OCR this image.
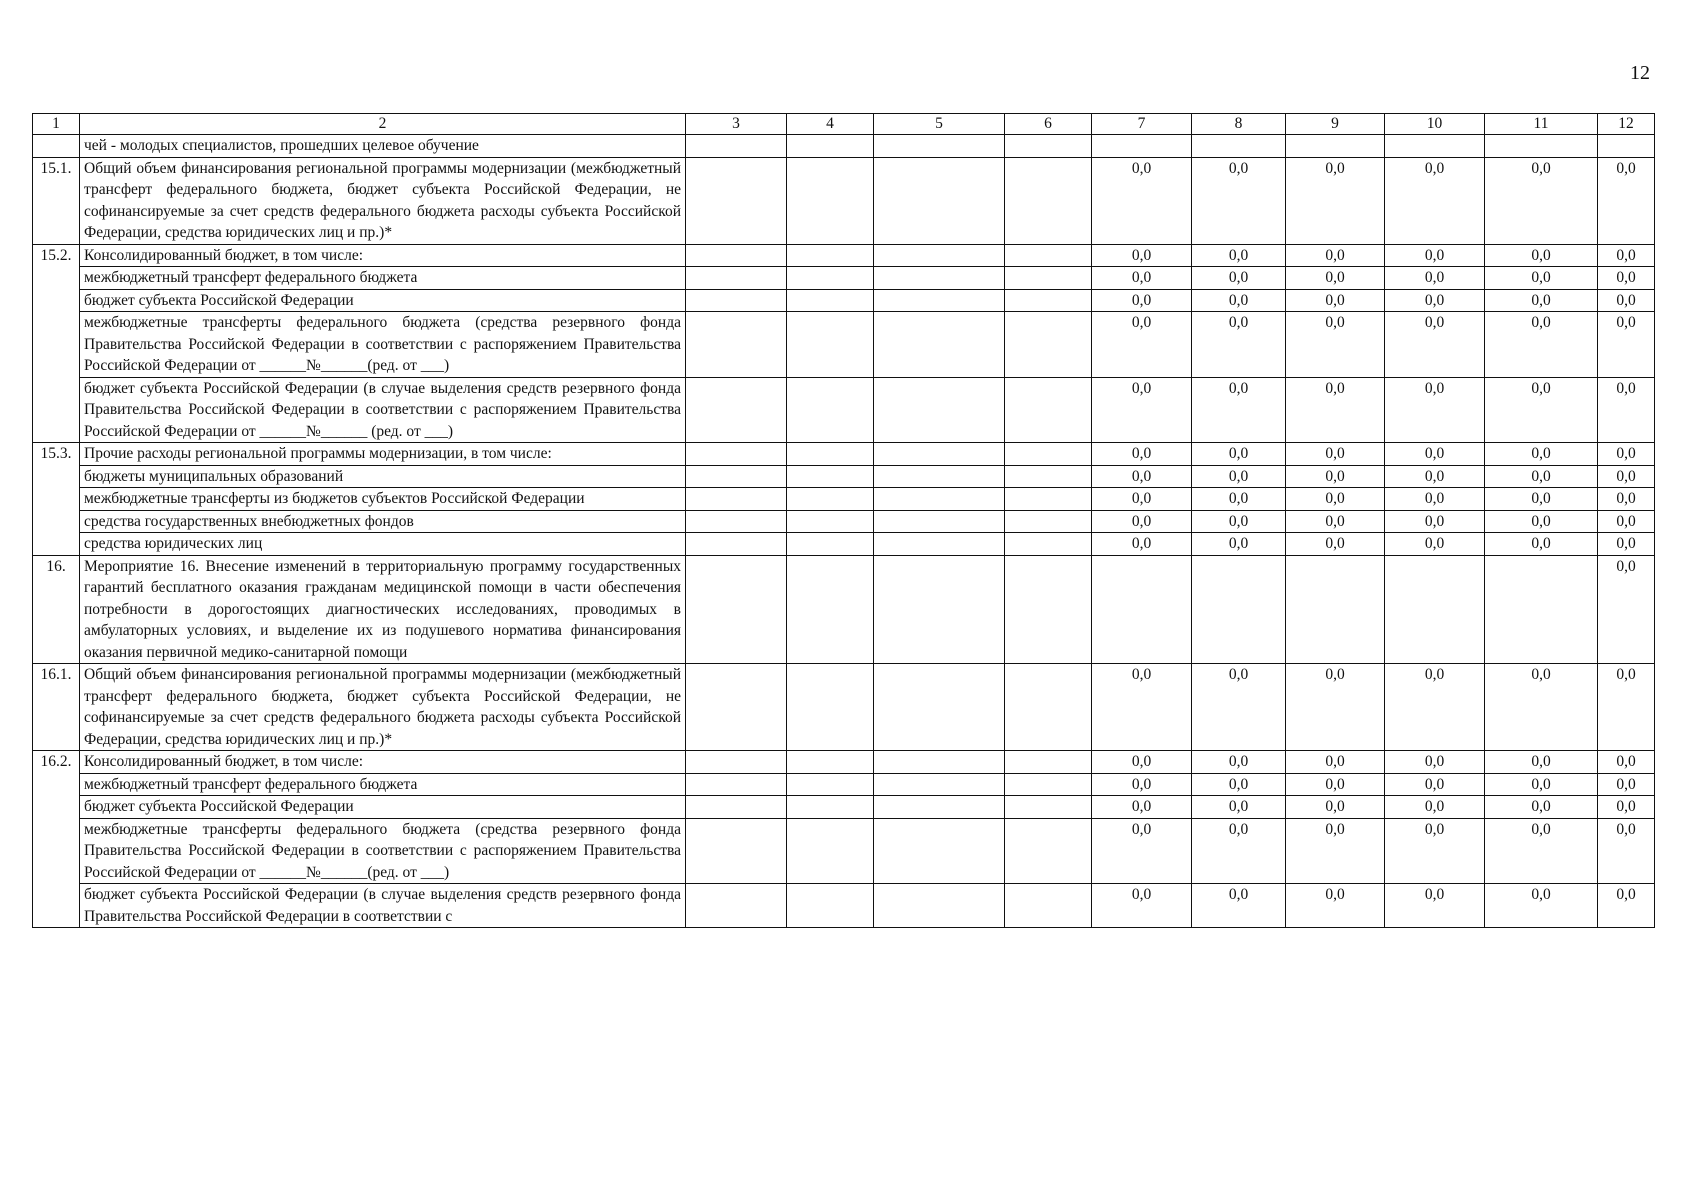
12
1	2	3	4	5	6	7	8	9	10	11	12
	чей - молодых специалистов, прошедших целевое обучение										
15.1.	Общий объем финансирования региональной программы модернизации (межбюджетный трансферт федерального бюджета, бюджет субъекта Российской Федерации, не софинансируемые за счет средств федерального бюджета расходы субъекта Российской Федерации, средства юридических лиц и пр.)*					0,0	0,0	0,0	0,0	0,0	0,0
15.2.	Консолидированный бюджет, в том числе:					0,0	0,0	0,0	0,0	0,0	0,0
	межбюджетный трансферт федерального бюджета					0,0	0,0	0,0	0,0	0,0	0,0
	бюджет субъекта Российской Федерации					0,0	0,0	0,0	0,0	0,0	0,0
	межбюджетные трансферты федерального бюджета (средства резервного фонда Правительства Российской Федерации в соответствии с распоряжением Правительства Российской Федерации от ______№______(ред. от ___)					0,0	0,0	0,0	0,0	0,0	0,0
	бюджет субъекта Российской Федерации (в случае выделения средств резервного фонда Правительства Российской Федерации в соответствии с распоряжением Правительства Российской Федерации от ______№______ (ред. от ___)					0,0	0,0	0,0	0,0	0,0	0,0
15.3.	Прочие расходы региональной программы модернизации, в том числе:					0,0	0,0	0,0	0,0	0,0	0,0
	бюджеты муниципальных образований					0,0	0,0	0,0	0,0	0,0	0,0
	межбюджетные трансферты из бюджетов субъектов Российской Федерации					0,0	0,0	0,0	0,0	0,0	0,0
	средства государственных внебюджетных фондов					0,0	0,0	0,0	0,0	0,0	0,0
	средства юридических лиц					0,0	0,0	0,0	0,0	0,0	0,0
16.	Мероприятие 16. Внесение изменений в территориальную программу государственных гарантий бесплатного оказания гражданам медицинской помощи в части обеспечения потребности в дорогостоящих диагностических исследованиях, проводимых в амбулаторных условиях, и выделение их из подушевого норматива финансирования оказания первичной медико-санитарной помощи										0,0
16.1.	Общий объем финансирования региональной программы модернизации (межбюджетный трансферт федерального бюджета, бюджет субъекта Российской Федерации, не софинансируемые за счет средств федерального бюджета расходы субъекта Российской Федерации, средства юридических лиц и пр.)*					0,0	0,0	0,0	0,0	0,0	0,0
16.2.	Консолидированный бюджет, в том числе:					0,0	0,0	0,0	0,0	0,0	0,0
	межбюджетный трансферт федерального бюджета					0,0	0,0	0,0	0,0	0,0	0,0
	бюджет субъекта Российской Федерации					0,0	0,0	0,0	0,0	0,0	0,0
	межбюджетные трансферты федерального бюджета (средства резервного фонда Правительства Российской Федерации в соответствии с распоряжением Правительства Российской Федерации от ______№______(ред. от ___)					0,0	0,0	0,0	0,0	0,0	0,0
	бюджет субъекта Российской Федерации (в случае выделения средств резервного фонда Правительства Российской Федерации в соответствии с					0,0	0,0	0,0	0,0	0,0	0,0
